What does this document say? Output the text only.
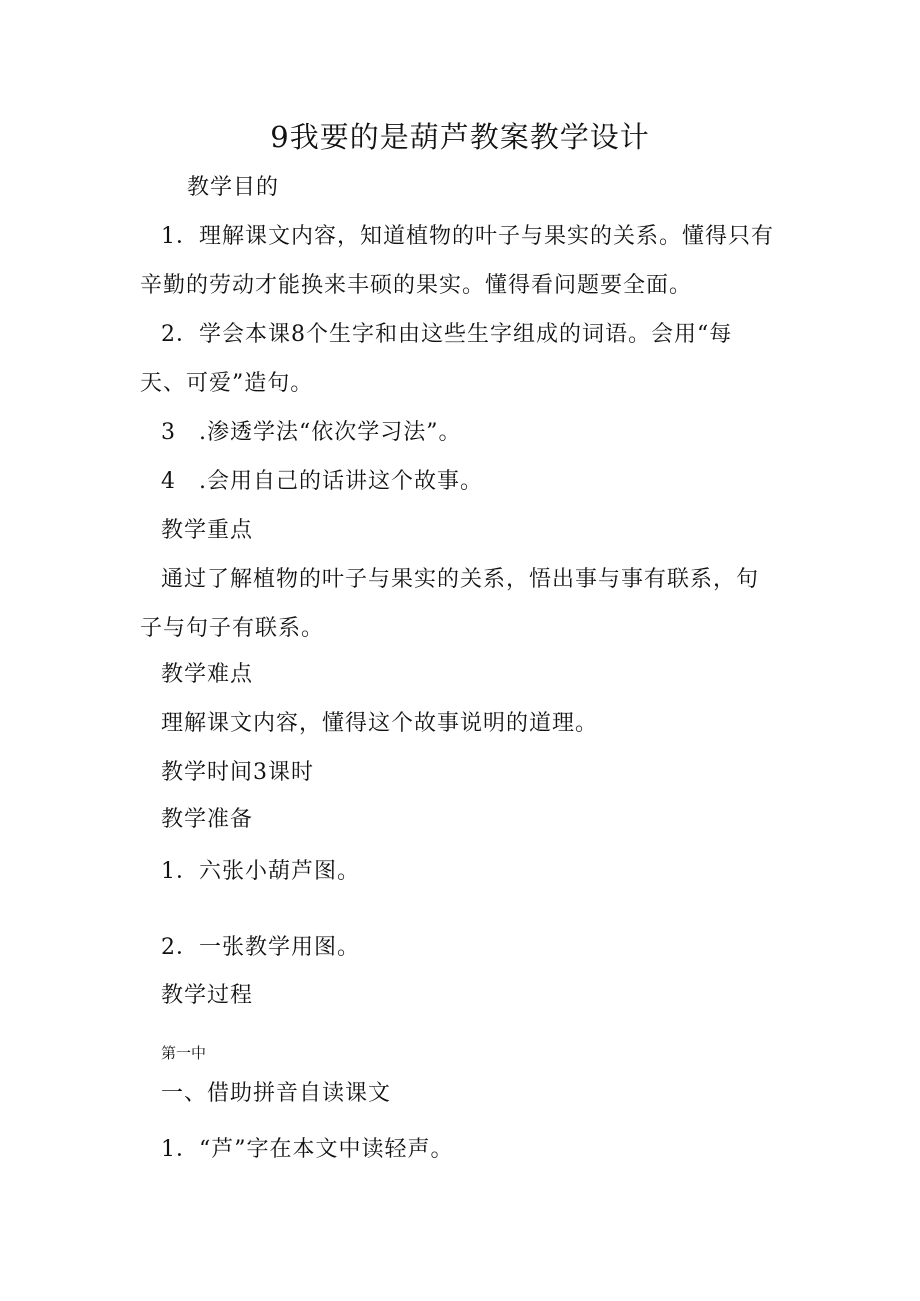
9我要的是葫芦教案教学设计
教学目的
1．理解课文内容，知道植物的叶子与果实的关系。懂得只有
辛勤的劳动才能换来丰硕的果实。懂得看问题要全面。
2．学会本课8个生字和由这些生字组成的词语。会用“每
天、可爱”造句。
3　.渗透学法“依次学习法”。
4　.会用自己的话讲这个故事。
教学重点
通过了解植物的叶子与果实的关系，悟出事与事有联系，句
子与句子有联系。
教学难点
理解课文内容，懂得这个故事说明的道理。
教学时间3课时
教学准备
1．六张小葫芦图。
2．一张教学用图。
教学过程
第一中
一、借助拼音自读课文
1．“芦”字在本文中读轻声。
